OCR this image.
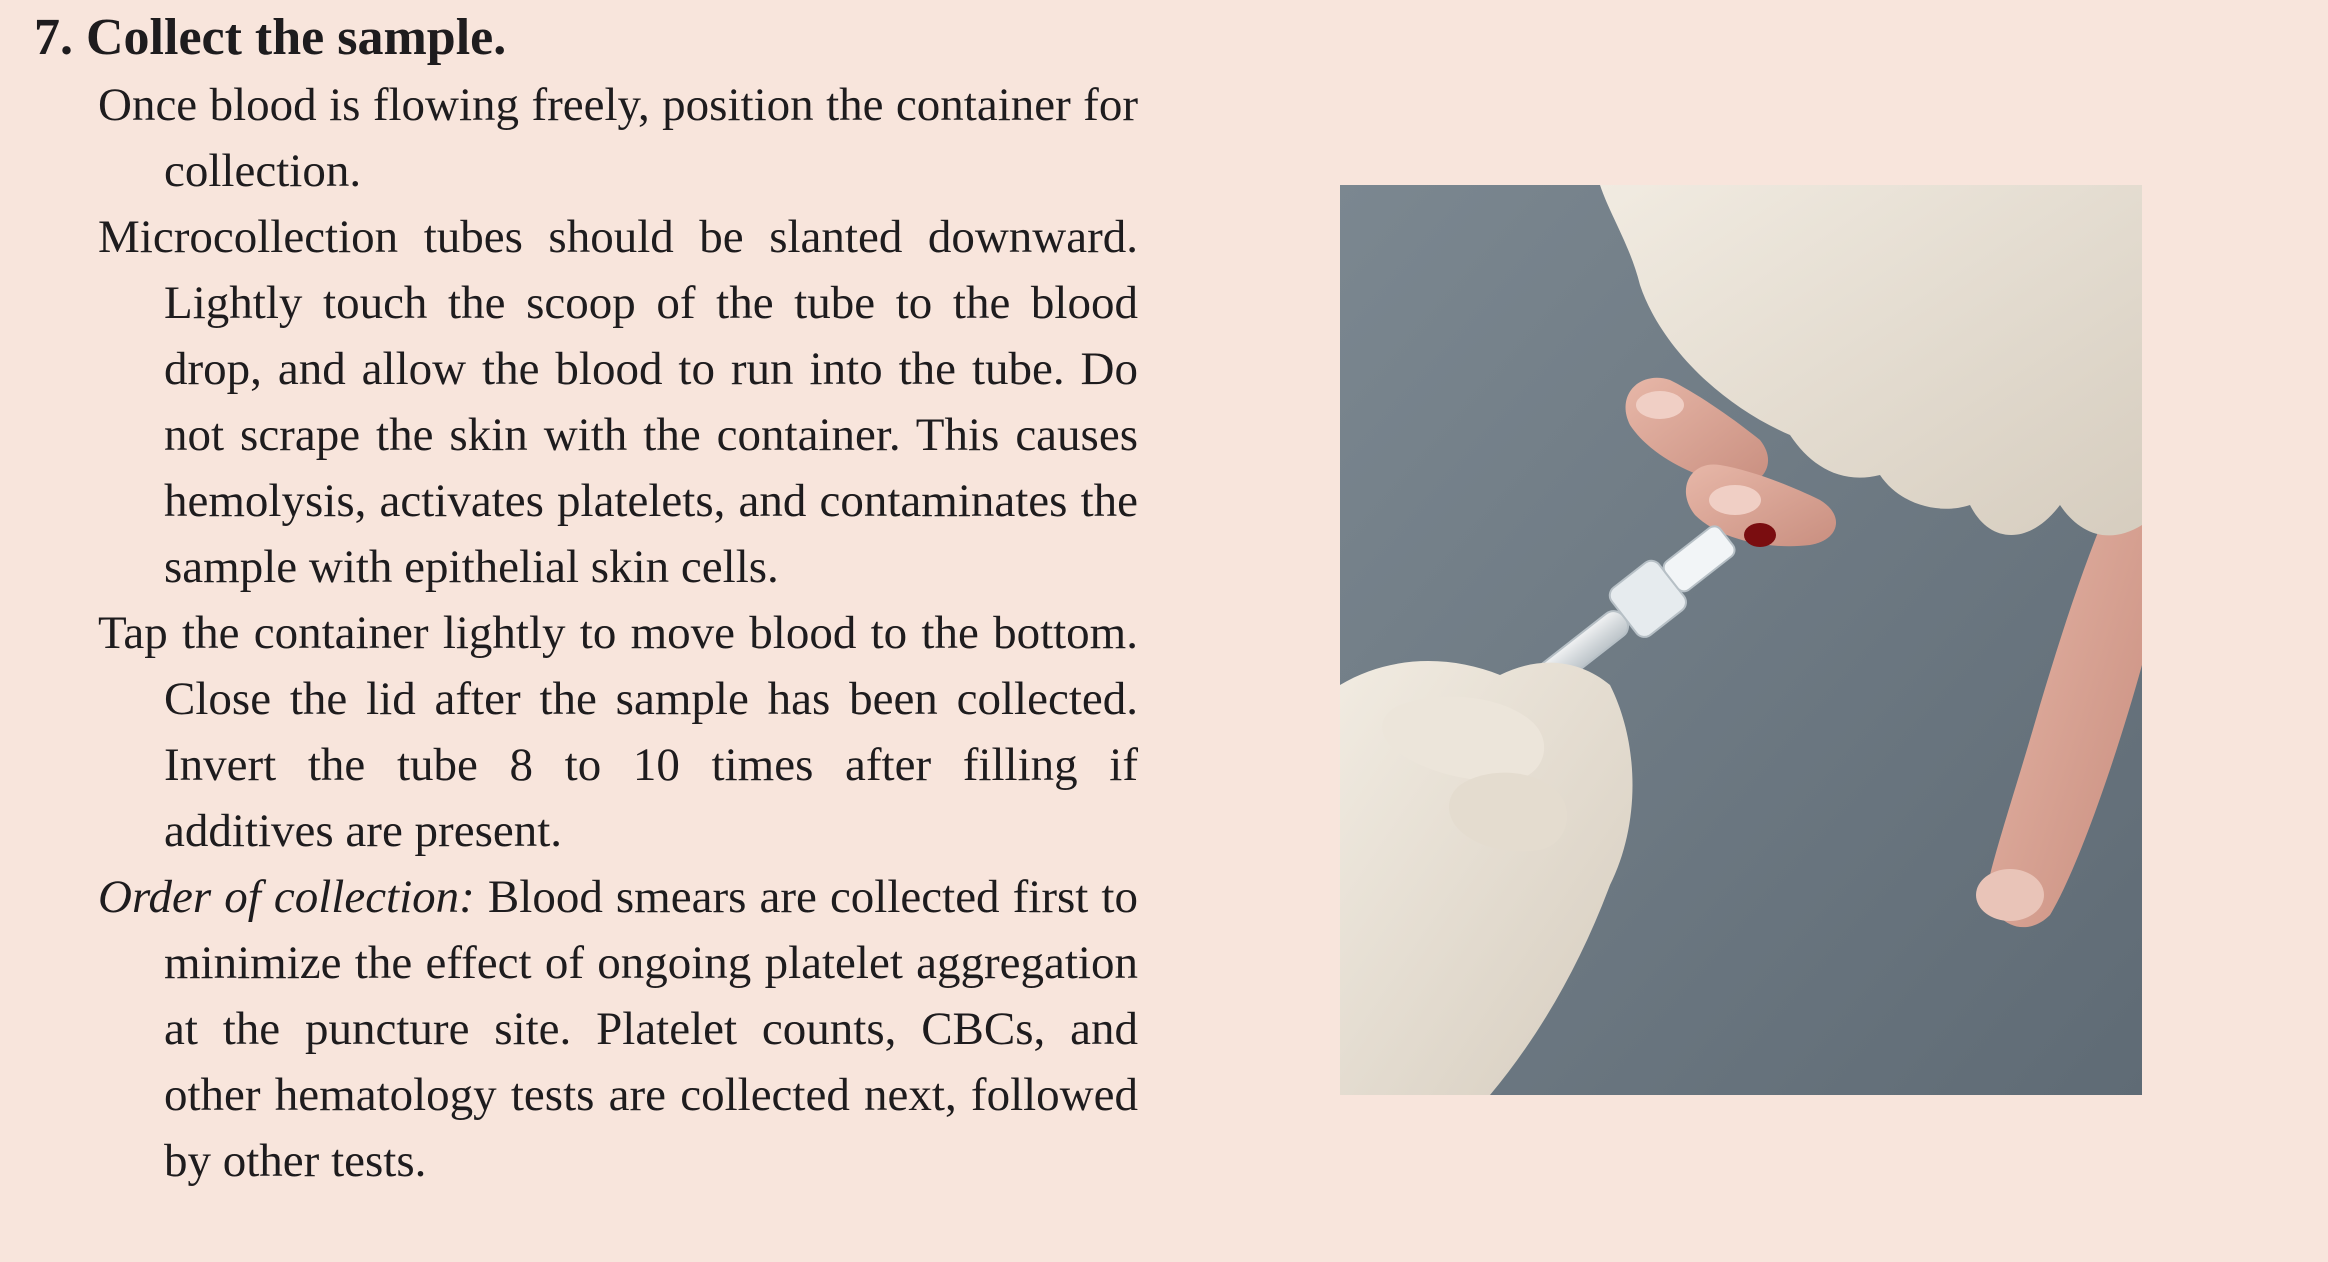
7. Collect the sample.

Once blood is flowing freely, position the container for collection.

Microcollection tubes should be slanted downward. Lightly touch the scoop of the tube to the blood drop, and allow the blood to run into the tube. Do not scrape the skin with the container. This causes hemolysis, activates platelets, and contaminates the sample with epithelial skin cells.

Tap the container lightly to move blood to the bottom. Close the lid after the sample has been collected. Invert the tube 8 to 10 times after filling if additives are present.

Order of collection: Blood smears are collected first to minimize the effect of ongoing platelet aggregation at the puncture site. Platelet counts, CBCs, and other hematology tests are collected next, followed by other tests.
